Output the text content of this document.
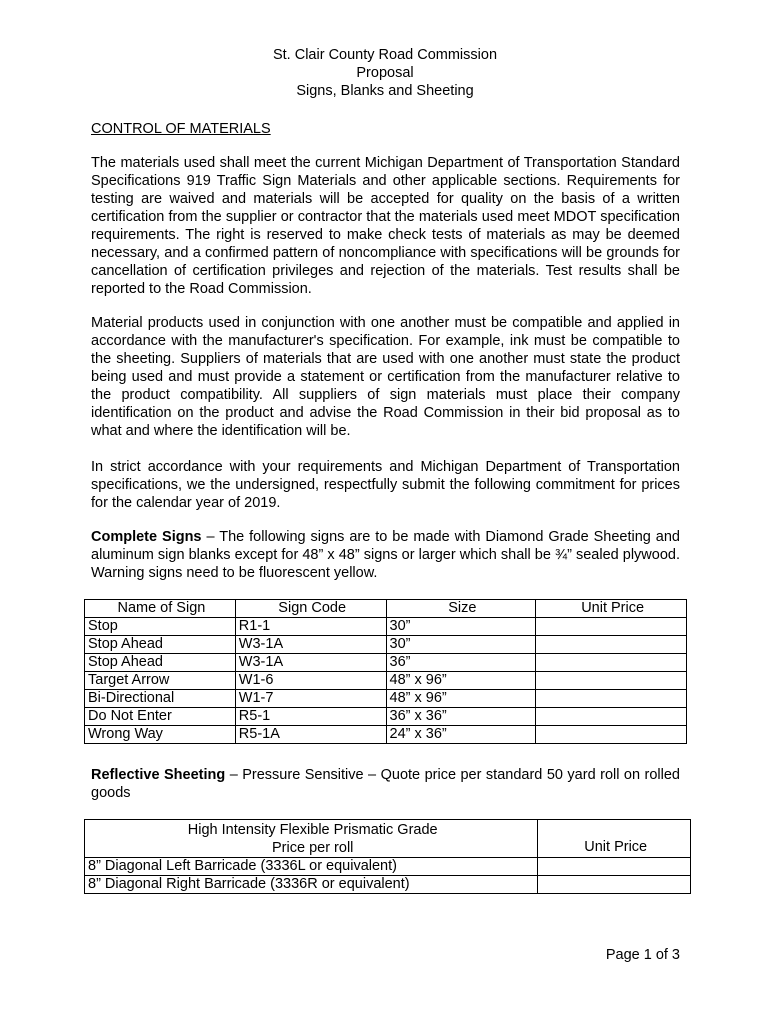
St. Clair County Road Commission
Proposal
Signs, Blanks and Sheeting
CONTROL OF MATERIALS

The materials used shall meet the current Michigan Department of Transportation Standard Specifications 919 Traffic Sign Materials and other applicable sections. Requirements for testing are waived and materials will be accepted for quality on the basis of a written certification from the supplier or contractor that the materials used meet MDOT specification requirements. The right is reserved to make check tests of materials as may be deemed necessary, and a confirmed pattern of noncompliance with specifications will be grounds for cancellation of certification privileges and rejection of the materials. Test results shall be reported to the Road Commission.

Material products used in conjunction with one another must be compatible and applied in accordance with the manufacturer's specification. For example, ink must be compatible to the sheeting. Suppliers of materials that are used with one another must state the product being used and must provide a statement or certification from the manufacturer relative to the product compatibility. All suppliers of sign materials must place their company identification on the product and advise the Road Commission in their bid proposal as to what and where the identification will be.

In strict accordance with your requirements and Michigan Department of Transportation specifications, we the undersigned, respectfully submit the following commitment for prices for the calendar year of 2019.

Complete Signs – The following signs are to be made with Diamond Grade Sheeting and aluminum sign blanks except for 48” x 48” signs or larger which shall be ¾” sealed plywood. Warning signs need to be fluorescent yellow.

Name of Sign	Sign Code	Size	Unit Price
Stop	R1-1	30”	
Stop Ahead	W3-1A	30”	
Stop Ahead	W3-1A	36”	
Target Arrow	W1-6	48” x 96”	
Bi-Directional	W1-7	48” x 96”	
Do Not Enter	R5-1	36” x 36”	
Wrong Way	R5-1A	24” x 36”	

Reflective Sheeting – Pressure Sensitive – Quote price per standard 50 yard roll on rolled goods

High Intensity Flexible Prismatic Grade
Price per roll	Unit Price
8” Diagonal Left Barricade (3336L or equivalent)	
8” Diagonal Right Barricade (3336R or equivalent)	
Page 1 of 3
